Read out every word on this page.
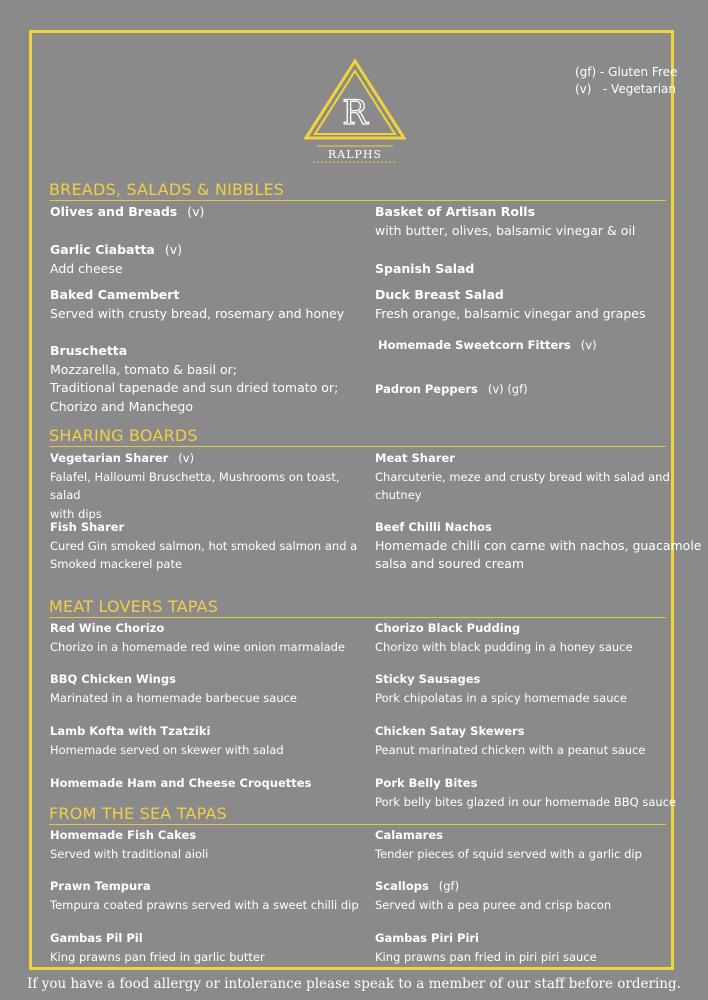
(gf) - Gluten Free
(v)   - Vegetarian
R
RALPHS
BREADS, SALADS & NIBBLES
Olives and Breads (v)	Basket of Artisan Rolls
with butter, olives, balsamic vinegar & oil
Garlic Ciabatta (v)
Add cheese	Spanish Salad
Baked Camembert
Served with crusty bread, rosemary and honey
Duck Breast Salad
Fresh orange, balsamic vinegar and grapes
Homemade Sweetcorn Fitters (v)
Bruschetta
Mozzarella, tomato & basil or;
Traditional tapenade and sun dried tomato or;
Chorizo and Manchego
Padron Peppers (v) (gf)
SHARING BOARDS
Vegetarian Sharer (v)
Falafel, Halloumi Bruschetta, Mushrooms on toast, salad
with dips
Meat Sharer
Charcuterie, meze and crusty bread with salad and
chutney
Fish Sharer
Cured Gin smoked salmon, hot smoked salmon and a
Smoked mackerel pate
Beef Chilli Nachos
Homemade chilli con carne with nachos, guacamole
salsa and soured cream
MEAT LOVERS TAPAS
Red Wine Chorizo
Chorizo in a homemade red wine onion marmalade
Chorizo Black Pudding
Chorizo with black pudding in a honey sauce
BBQ Chicken Wings
Marinated in a homemade barbecue sauce
Sticky Sausages
Pork chipolatas in a spicy homemade sauce
Lamb Kofta with Tzatziki
Homemade served on skewer with salad
Chicken Satay Skewers
Peanut marinated chicken with a peanut sauce
Homemade Ham and Cheese Croquettes	Pork Belly Bites
Pork belly bites glazed in our homemade BBQ sauce
FROM THE SEA TAPAS
Homemade Fish Cakes
Served with traditional aioli
Calamares
Tender pieces of squid served with a garlic dip
Prawn Tempura
Tempura coated prawns served with a sweet chilli dip
Scallops (gf)
Served with a pea puree and crisp bacon
Gambas Pil Pil
King prawns pan fried in garlic butter
Gambas Piri Piri
King prawns pan fried in piri piri sauce
If you have a food allergy or intolerance please speak to a member of our staff before ordering.
